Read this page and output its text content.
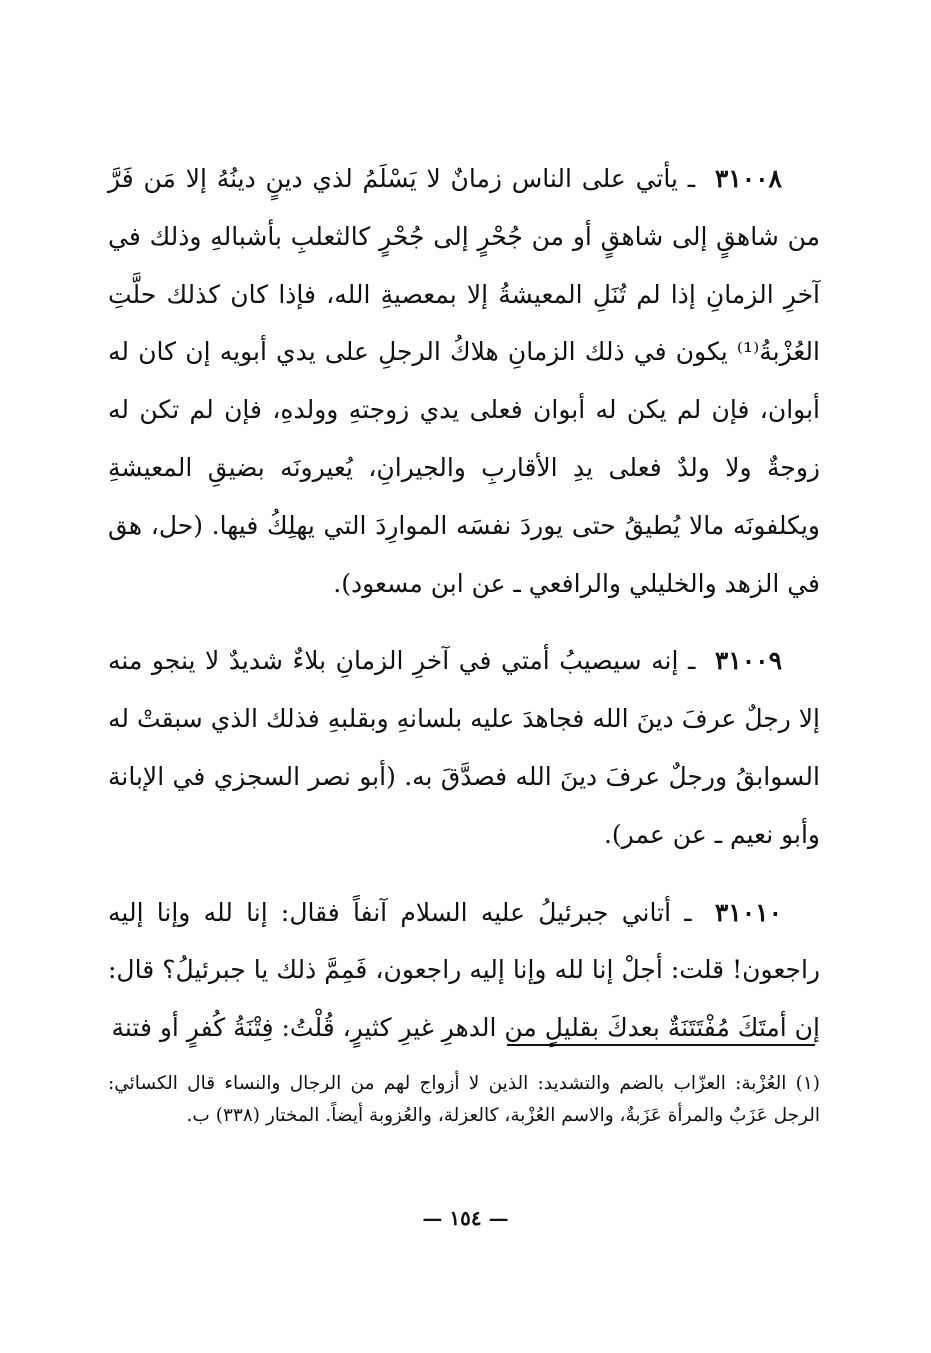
٣١٠٠٨ ـ يأتي على الناس زمانٌ لا يَسْلَمُ لذي دينٍ دينُهُ إلا مَن فَرَّ من شاهقٍ إلى شاهقٍ أو من جُحْرٍ إلى جُحْرٍ كالثعلبِ بأشبالهِ وذلك في آخرِ الزمانِ إذا لم تُنَلِ المعيشةُ إلا بمعصيةِ الله، فإذا كان كذلك حلَّتِ العُزْبةُ⁽¹⁾ يكون في ذلك الزمانِ هلاكُ الرجلِ على يدي أبويه إن كان له أبوان، فإن لم يكن له أبوان فعلى يدي زوجتهِ وولدهِ، فإن لم تكن له زوجةٌ ولا ولدٌ فعلى يدِ الأقاربِ والجيرانِ، يُعيرونَه بضيقِ المعيشةِ ويكلفونَه مالا يُطيقُ حتى يوردَ نفسَه الموارِدَ التي يهلِكُ فيها. (حل، هق في الزهد والخليلي والرافعي ـ عن ابن مسعود).

٣١٠٠٩ ـ إنه سيصيبُ أمتي في آخرِ الزمانِ بلاءٌ شديدٌ لا ينجو منه إلا رجلٌ عرفَ دينَ الله فجاهدَ عليه بلسانهِ وبقلبهِ فذلك الذي سبقتْ له السوابقُ ورجلٌ عرفَ دينَ الله فصدَّقَ به. (أبو نصر السجزي في الإبانة وأبو نعيم ـ عن عمر).

٣١٠١٠ ـ أتاني جبرئيلُ عليه السلام آنفاً فقال: إنا لله وإنا إليه راجعون! قلت: أجلْ إنا لله وإنا إليه راجعون، فَمِمَّ ذلك يا جبرئيلُ؟ قال: إن أمتَكَ مُفْتَتَنَةٌ بعدكَ بقليلٍ من الدهرِ غيرِ كثيرٍ، قُلْتُ: فِتْنَةُ كُفرٍ أو فتنة

(١) العُزْبة: العزّاب بالضم والتشديد: الذين لا أزواج لهم من الرجال والنساء قال الكسائي: الرجل عَزَبٌ والمرأة عَزَبةٌ، والاسم العُزْبة، كالعزلة، والعُزوبة أيضاً. المختار (٣٣٨) ب.
— ١٥٤ —
